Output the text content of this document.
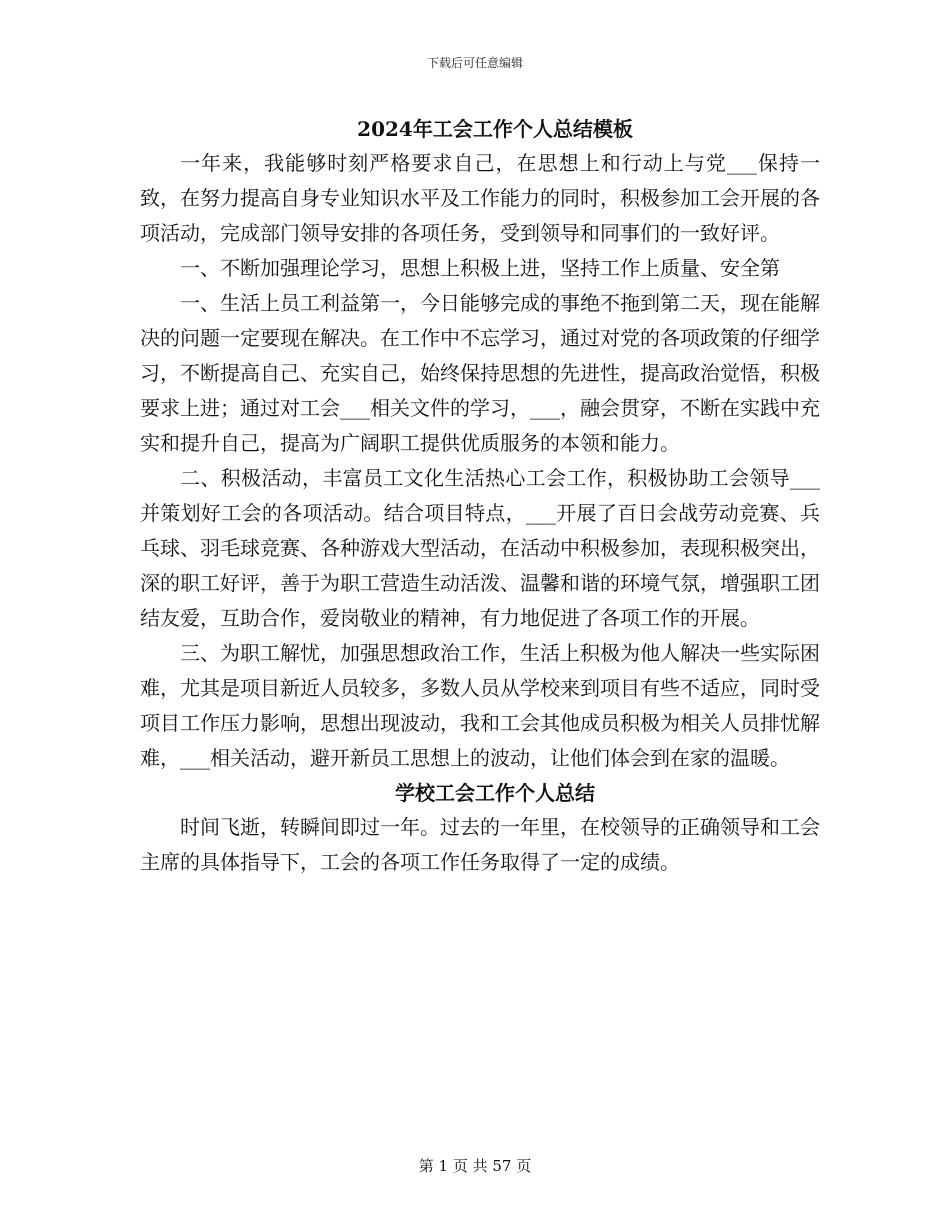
下载后可任意编辑
2024年工会工作个人总结模板

一年来，我能够时刻严格要求自己，在思想上和行动上与党___保持一致，在努力提高自身专业知识水平及工作能力的同时，积极参加工会开展的各项活动，完成部门领导安排的各项任务，受到领导和同事们的一致好评。

一、不断加强理论学习，思想上积极上进，坚持工作上质量、安全第

一、生活上员工利益第一，今日能够完成的事绝不拖到第二天，现在能解决的问题一定要现在解决。在工作中不忘学习，通过对党的各项政策的仔细学习，不断提高自己、充实自己，始终保持思想的先进性，提高政治觉悟，积极要求上进；通过对工会___相关文件的学习，___，融会贯穿，不断在实践中充实和提升自己，提高为广阔职工提供优质服务的本领和能力。

二、积极活动，丰富员工文化生活热心工会工作，积极协助工会领导___并策划好工会的各项活动。结合项目特点，___开展了百日会战劳动竞赛、兵乓球、羽毛球竞赛、各种游戏大型活动，在活动中积极参加，表现积极突出，深的职工好评，善于为职工营造生动活泼、温馨和谐的环境气氛，增强职工团结友爱，互助合作，爱岗敬业的精神，有力地促进了各项工作的开展。

三、为职工解忧，加强思想政治工作，生活上积极为他人解决一些实际困难，尤其是项目新近人员较多，多数人员从学校来到项目有些不适应，同时受项目工作压力影响，思想出现波动，我和工会其他成员积极为相关人员排忧解难，___相关活动，避开新员工思想上的波动，让他们体会到在家的温暖。

学校工会工作个人总结

时间飞逝，转瞬间即过一年。过去的一年里，在校领导的正确领导和工会主席的具体指导下，工会的各项工作任务取得了一定的成绩。

第 1 页 共 57 页
